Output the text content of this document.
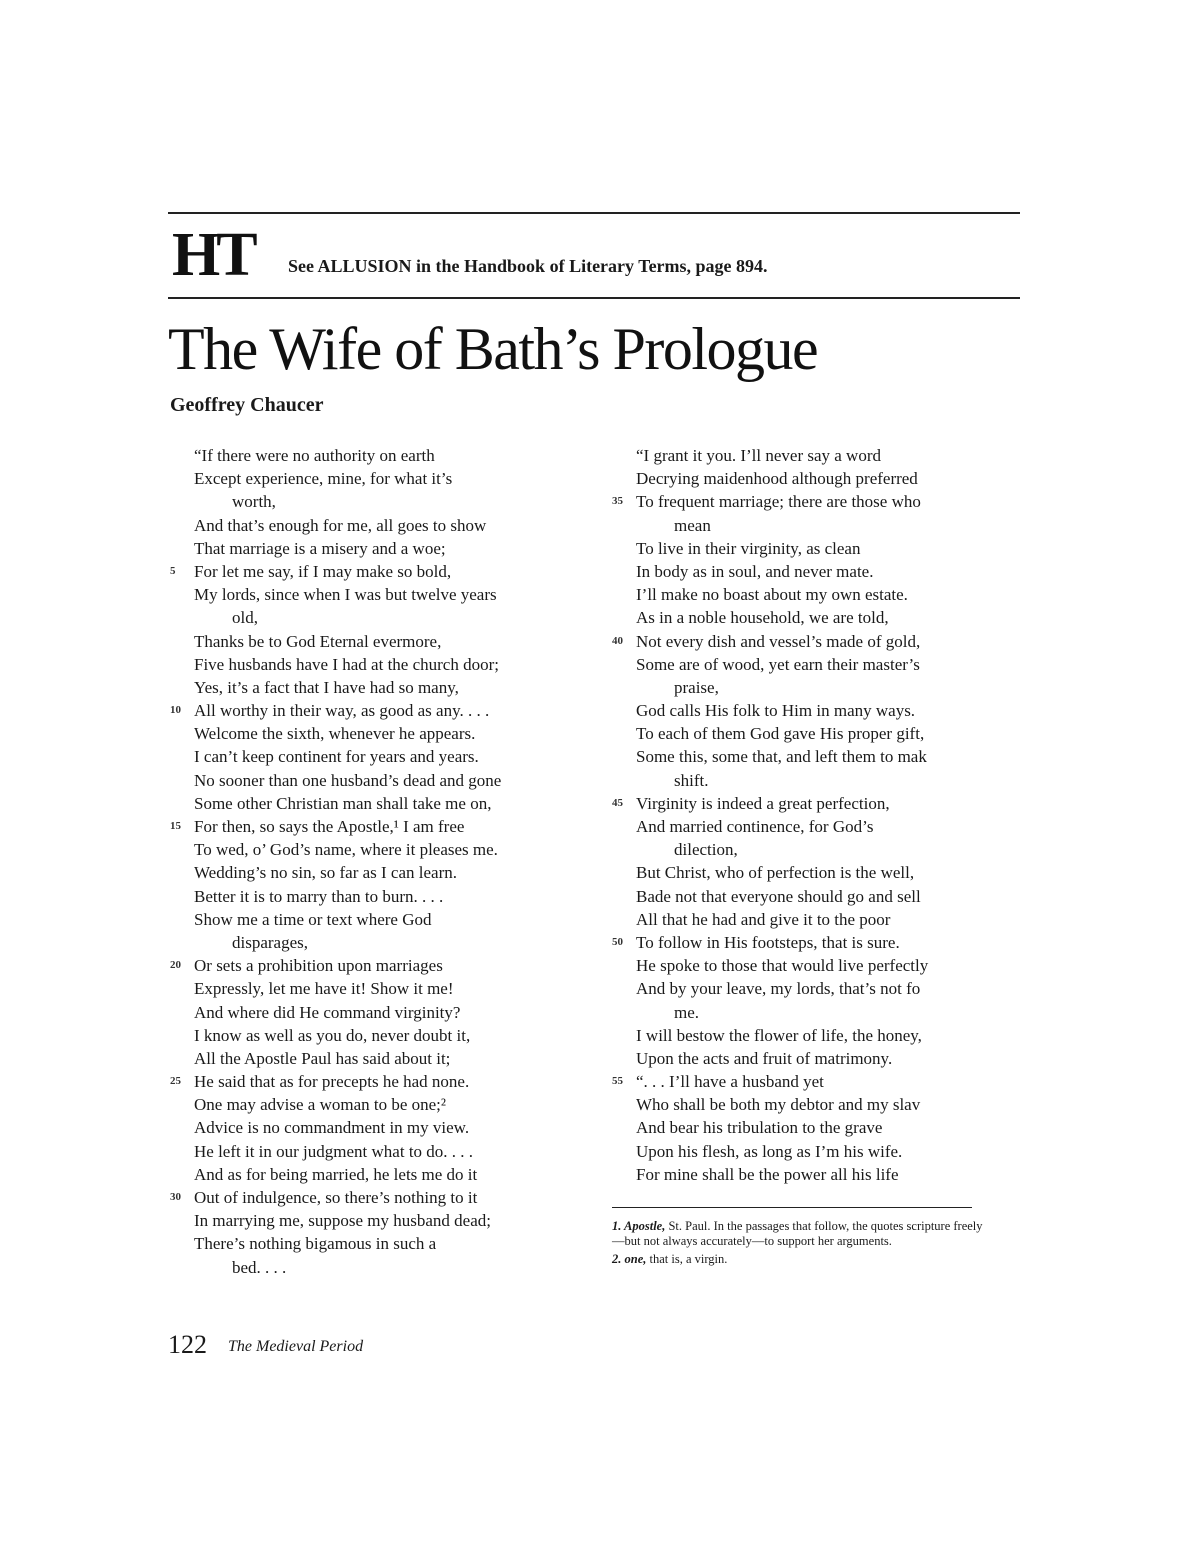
HT See ALLUSION in the Handbook of Literary Terms, page 894.
The Wife of Bath’s Prologue
Geoffrey Chaucer
“If there were no authority on earth
Except experience, mine, for what it’s
worth,
And that’s enough for me, all goes to show
That marriage is a misery and a woe;
5 For let me say, if I may make so bold,
My lords, since when I was but twelve years
old,
Thanks be to God Eternal evermore,
Five husbands have I had at the church door;
Yes, it’s a fact that I have had so many,
10 All worthy in their way, as good as any. . . .
Welcome the sixth, whenever he appears.
I can’t keep continent for years and years.
No sooner than one husband’s dead and gone
Some other Christian man shall take me on,
15 For then, so says the Apostle,¹ I am free
To wed, o’ God’s name, where it pleases me.
Wedding’s no sin, so far as I can learn.
Better it is to marry than to burn. . . .
Show me a time or text where God
disparages,
20 Or sets a prohibition upon marriages
Expressly, let me have it! Show it me!
And where did He command virginity?
I know as well as you do, never doubt it,
All the Apostle Paul has said about it;
25 He said that as for precepts he had none.
One may advise a woman to be one;²
Advice is no commandment in my view.
He left it in our judgment what to do. . . .
And as for being married, he lets me do it
30 Out of indulgence, so there’s nothing to it
In marrying me, suppose my husband dead;
There’s nothing bigamous in such a
bed. . . .
“I grant it you. I’ll never say a word
Decrying maidenhood although preferred
35 To frequent marriage; there are those who
mean
To live in their virginity, as clean
In body as in soul, and never mate.
I’ll make no boast about my own estate.
As in a noble household, we are told,
40 Not every dish and vessel’s made of gold,
Some are of wood, yet earn their master’s
praise,
God calls His folk to Him in many ways.
To each of them God gave His proper gift,
Some this, some that, and left them to mak
shift.
45 Virginity is indeed a great perfection,
And married continence, for God’s
dilection,
But Christ, who of perfection is the well,
Bade not that everyone should go and sell
All that he had and give it to the poor
50 To follow in His footsteps, that is sure.
He spoke to those that would live perfectly
And by your leave, my lords, that’s not fo
me.
I will bestow the flower of life, the honey,
Upon the acts and fruit of matrimony.
55 “. . . I’ll have a husband yet
Who shall be both my debtor and my slav
And bear his tribulation to the grave
Upon his flesh, as long as I’m his wife.
For mine shall be the power all his life
1. Apostle, St. Paul. In the passages that follow, the quotes scripture freely—but not always accurately—to support her arguments.
2. one, that is, a virgin.
122 The Medieval Period
